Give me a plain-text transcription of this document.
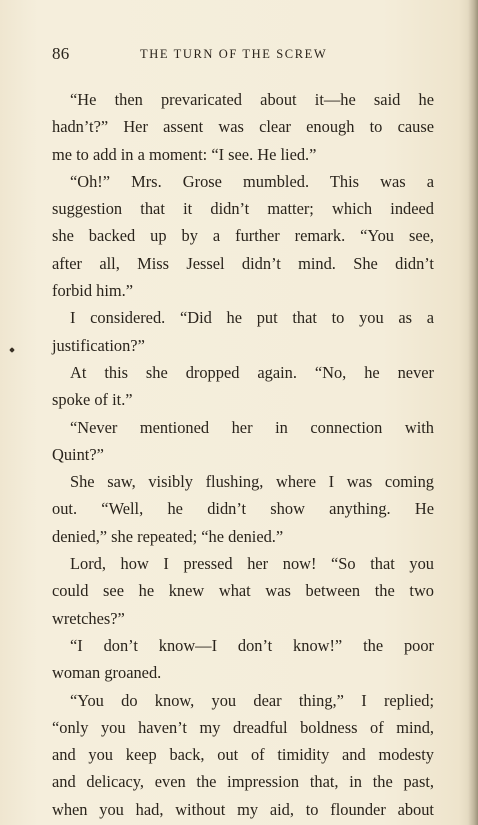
86	THE TURN OF THE SCREW
“He then prevaricated about it—he said he
hadn’t?” Her assent was clear enough to cause
me to add in a moment: “I see. He lied.”
“Oh!” Mrs. Grose mumbled. This was a
suggestion that it didn’t matter; which indeed
she backed up by a further remark. “You see,
after all, Miss Jessel didn’t mind. She didn’t
forbid him.”
I considered. “Did he put that to you as a
justification?”
At this she dropped again. “No, he never
spoke of it.”
“Never mentioned her in connection with
Quint?”
She saw, visibly flushing, where I was coming
out. “Well, he didn’t show anything. He
denied,” she repeated; “he denied.”
Lord, how I pressed her now! “So that you
could see he knew what was between the two
wretches?”
“I don’t know—I don’t know!” the poor
woman groaned.
“You do know, you dear thing,” I replied;
“only you haven’t my dreadful boldness of mind,
and you keep back, out of timidity and modesty
and delicacy, even the impression that, in the past,
when you had, without my aid, to flounder about
